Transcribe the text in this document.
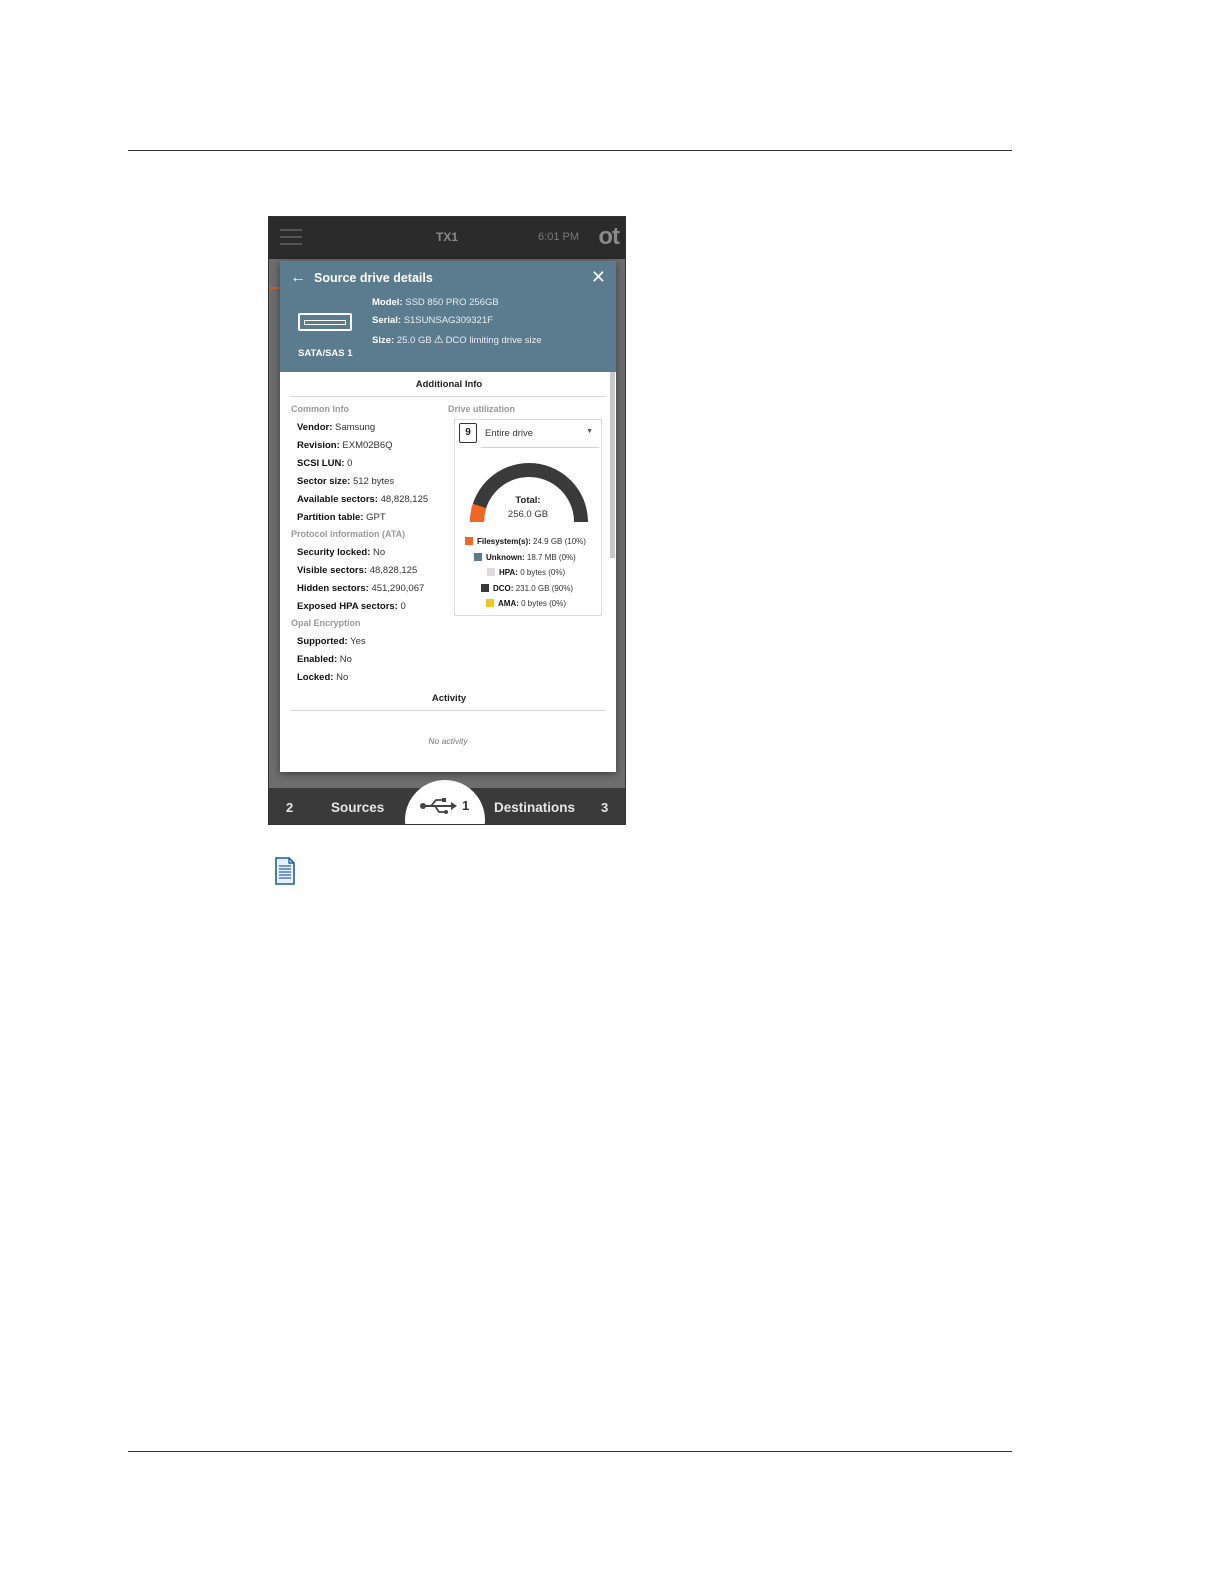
TX1	6:01 PM ot
← Source drive details	✕
SATA/SAS 1
Model: SSD 850 PRO 256GB
Serial: S1SUNSAG309321F
Size: 25.0 GB ⚠ DCO limiting drive size
Additional Info
Common Info
Vendor: Samsung
Revision: EXM02B6Q
SCSI LUN: 0
Sector size: 512 bytes
Available sectors: 48,828,125
Partition table: GPT
Protocol information (ATA)
Security locked: No
Visible sectors: 48,828,125
Hidden sectors: 451,290,067
Exposed HPA sectors: 0
Opal Encryption
Supported: Yes
Enabled: No
Locked: No
Drive utilization
9	Entire drive	▼
Total:
256.0 GB
Filesystem(s): 24.9 GB (10%)
Unknown: 18.7 MB (0%)
HPA: 0 bytes (0%)
DCO: 231.0 GB (90%)
AMA: 0 bytes (0%)
Activity
No activity
2	Sources	1 Destinations 3
